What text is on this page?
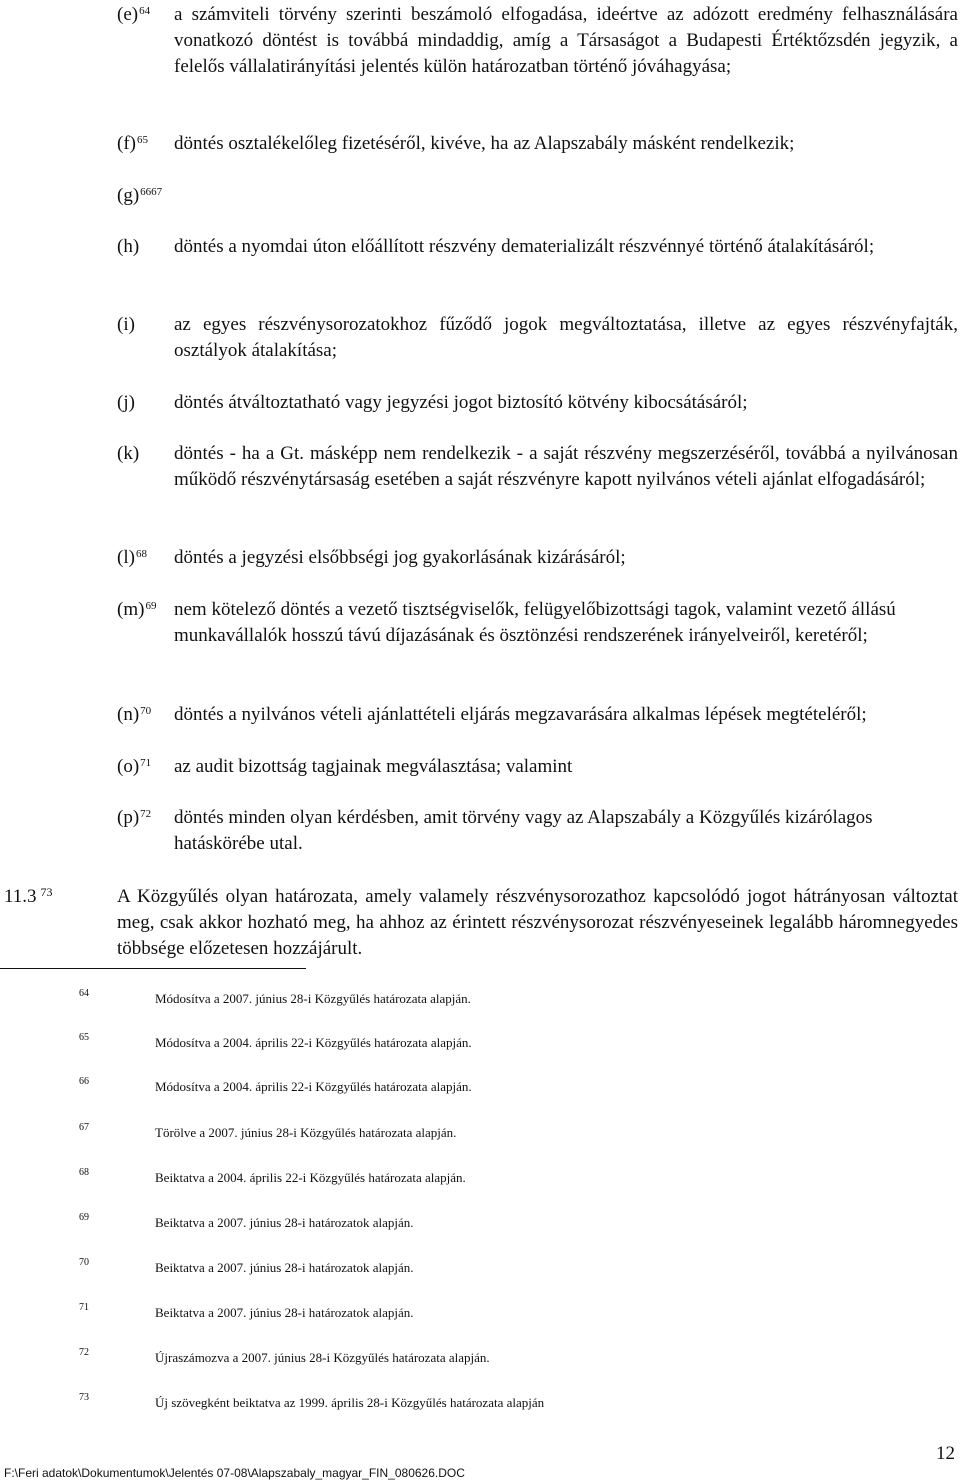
$(e)^{64}$ a számviteli törvény szerinti beszámoló elfogadása, ideértve az adózott eredmény felhasználására vonatkozó döntést is továbbá mindaddig, amíg a Társaságot a Budapesti Értéktőzsdén jegyzik, a felelős vállalatirányítási jelentés külön határozatban történő jóváhagyása;
$(f)^{65}$ döntés osztalékelőleg fizetéséről, kivéve, ha az Alapszabály másként rendelkezik;
$(g)^{6667}$
(h) döntés a nyomdai úton előállított részvény dematerializált részvénnyé történő átalakításáról;
(i) az egyes részvénysorozatokhoz fűződő jogok megváltoztatása, illetve az egyes részvényfajták, osztályok átalakítása;
(j) döntés átváltoztatható vagy jegyzési jogot biztosító kötvény kibocsátásáról;
(k) döntés - ha a Gt. másképp nem rendelkezik - a saját részvény megszerzéséről, továbbá a nyilvánosan működő részvénytársaság esetében a saját részvényre kapott nyilvános vételi ajánlat elfogadásáról;
$(l)^{68}$ döntés a jegyzési elsőbbségi jog gyakorlásának kizárásáról;
$(m)^{69}$ nem kötelező döntés a vezető tisztségviselők, felügyelőbizottsági tagok, valamint vezető állású munkavállalók hosszú távú díjazásának és ösztönzési rendszerének irányelveiről, keretéről;
$(n)^{70}$ döntés a nyilvános vételi ajánlattételi eljárás megzavarására alkalmas lépések megtételéről;
$(o)^{71}$ az audit bizottság tagjainak megválasztása; valamint
$(p)^{72}$ döntés minden olyan kérdésben, amit törvény vagy az Alapszabály a Közgyűlés kizárólagos hatáskörébe utal.
11.3 $^{73}$	A Közgyűlés olyan határozata, amely valamely részvénysorozathoz kapcsolódó jogot hátrányosan változtat meg, csak akkor hozható meg, ha ahhoz az érintett részvénysorozat részvényeseinek legalább háromnegyedes többsége előzetesen hozzájárult.
64	Módosítva a 2007. június 28-i Közgyűlés határozata alapján.
65	Módosítva a 2004. április 22-i Közgyűlés határozata alapján.
66	Módosítva a 2004. április 22-i Közgyűlés határozata alapján.
67	Törölve a 2007. június 28-i Közgyűlés határozata alapján.
68	Beiktatva a 2004. április 22-i Közgyűlés határozata alapján.
69	Beiktatva a 2007. június 28-i határozatok alapján.
70	Beiktatva a 2007. június 28-i határozatok alapján.
71	Beiktatva a 2007. június 28-i határozatok alapján.
72	Újraszámozva a 2007. június 28-i Közgyűlés határozata alapján.
73	Új szövegként beiktatva az 1999. április 28-i Közgyűlés határozata alapján
12
F:\Feri adatok\Dokumentumok\Jelentés 07-08\Alapszabaly_magyar_FIN_080626.DOC
